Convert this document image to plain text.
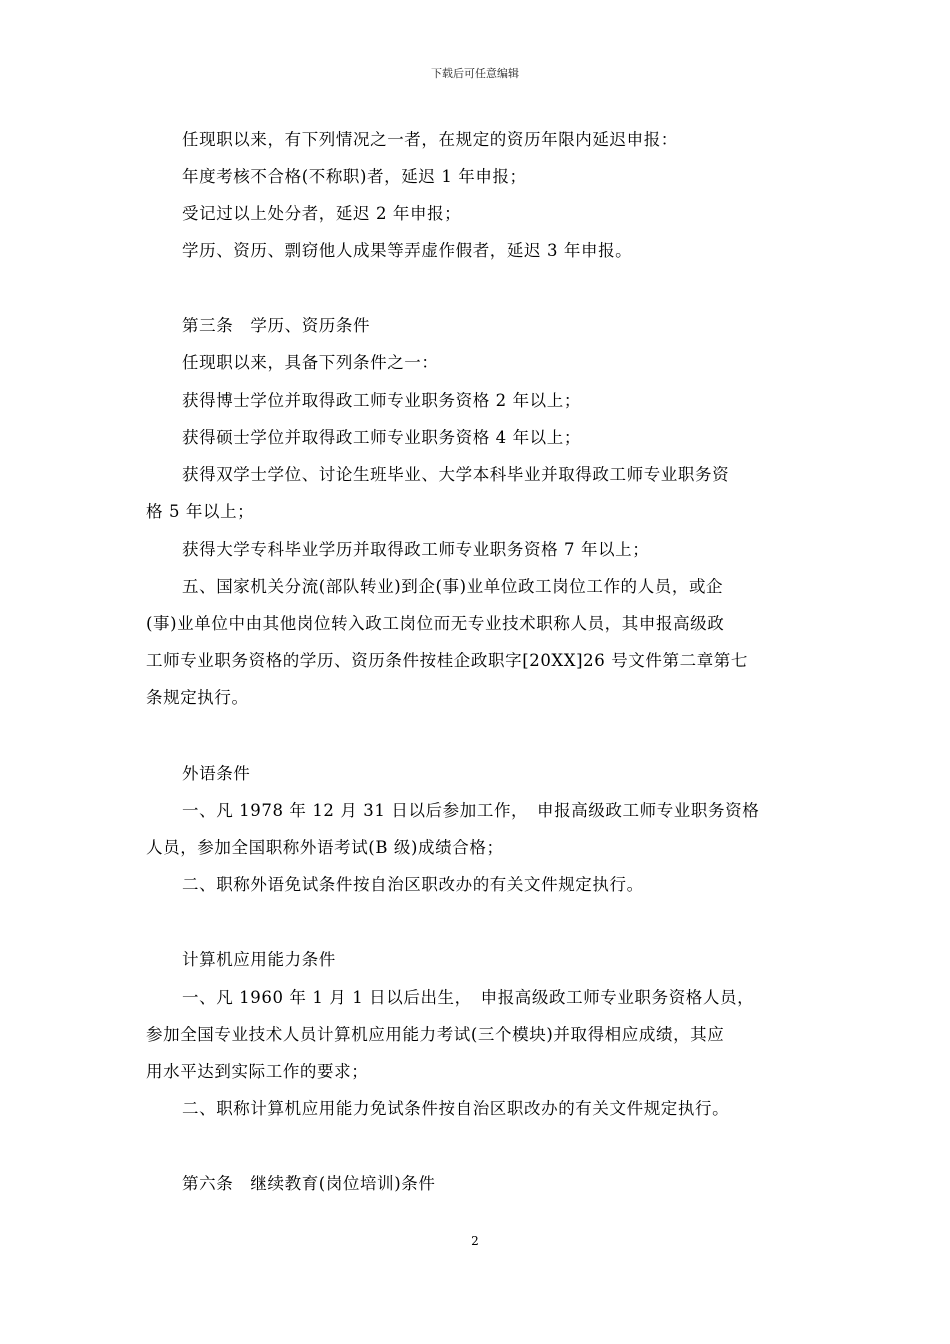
下载后可任意编辑
任现职以来，有下列情况之一者，在规定的资历年限内延迟申报：
年度考核不合格(不称职)者，延迟 1 年申报；
受记过以上处分者，延迟 2 年申报；
学历、资历、剽窃他人成果等弄虚作假者，延迟 3 年申报。
第三条　学历、资历条件
任现职以来，具备下列条件之一：
获得博士学位并取得政工师专业职务资格 2 年以上；
获得硕士学位并取得政工师专业职务资格 4 年以上；
获得双学士学位、讨论生班毕业、大学本科毕业并取得政工师专业职务资
格 5 年以上；
获得大学专科毕业学历并取得政工师专业职务资格 7 年以上；
五、国家机关分流(部队转业)到企(事)业单位政工岗位工作的人员，或企
(事)业单位中由其他岗位转入政工岗位而无专业技术职称人员，其申报高级政
工师专业职务资格的学历、资历条件按桂企政职字[20XX]26 号文件第二章第七
条规定执行。
外语条件
一、凡 1978 年 12 月 31 日以后参加工作，　申报高级政工师专业职务资格
人员，参加全国职称外语考试(B 级)成绩合格；
二、职称外语免试条件按自治区职改办的有关文件规定执行。
计算机应用能力条件
一、凡 1960 年 1 月 1 日以后出生，　申报高级政工师专业职务资格人员，
参加全国专业技术人员计算机应用能力考试(三个模块)并取得相应成绩，其应
用水平达到实际工作的要求；
二、职称计算机应用能力免试条件按自治区职改办的有关文件规定执行。
第六条　继续教育(岗位培训)条件
2
